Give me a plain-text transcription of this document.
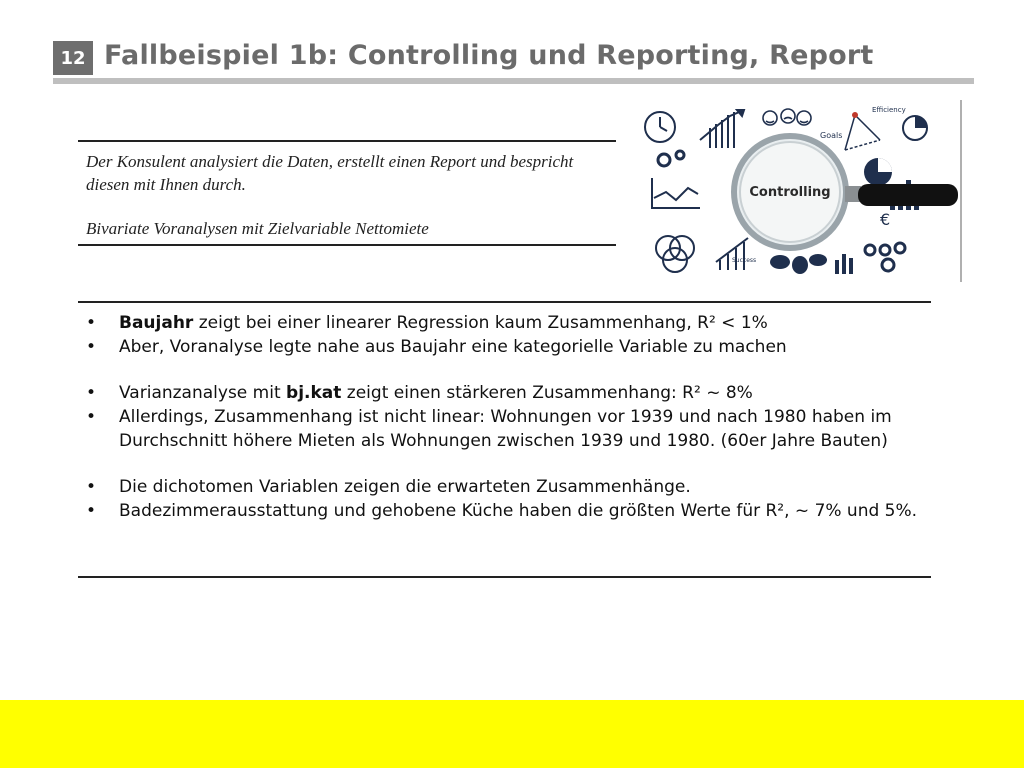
12 Fallbeispiel 1b: Controlling und Reporting, Report

Der Konsulent analysiert die Daten, erstellt einen Report und bespricht diesen mit Ihnen durch.

Bivariate Voranalysen mit Zielvariable Nettomiete

Goals
Efficiency
€
Success
Controlling
• Baujahr zeigt bei einer linearer Regression kaum Zusammenhang, R² < 1%
• Aber, Voranalyse legte nahe aus Baujahr eine kategorielle Variable zu machen
• Varianzanalyse mit bj.kat zeigt einen stärkeren Zusammenhang: R² ~ 8%
• Allerdings, Zusammenhang ist nicht linear: Wohnungen vor 1939 und nach 1980 haben im Durchschnitt höhere Mieten als Wohnungen zwischen 1939 und 1980. (60er Jahre Bauten)
• Die dichotomen Variablen zeigen die erwarteten Zusammenhänge.
• Badezimmerausstattung und gehobene Küche haben die größten Werte für R², ~ 7% und 5%.
